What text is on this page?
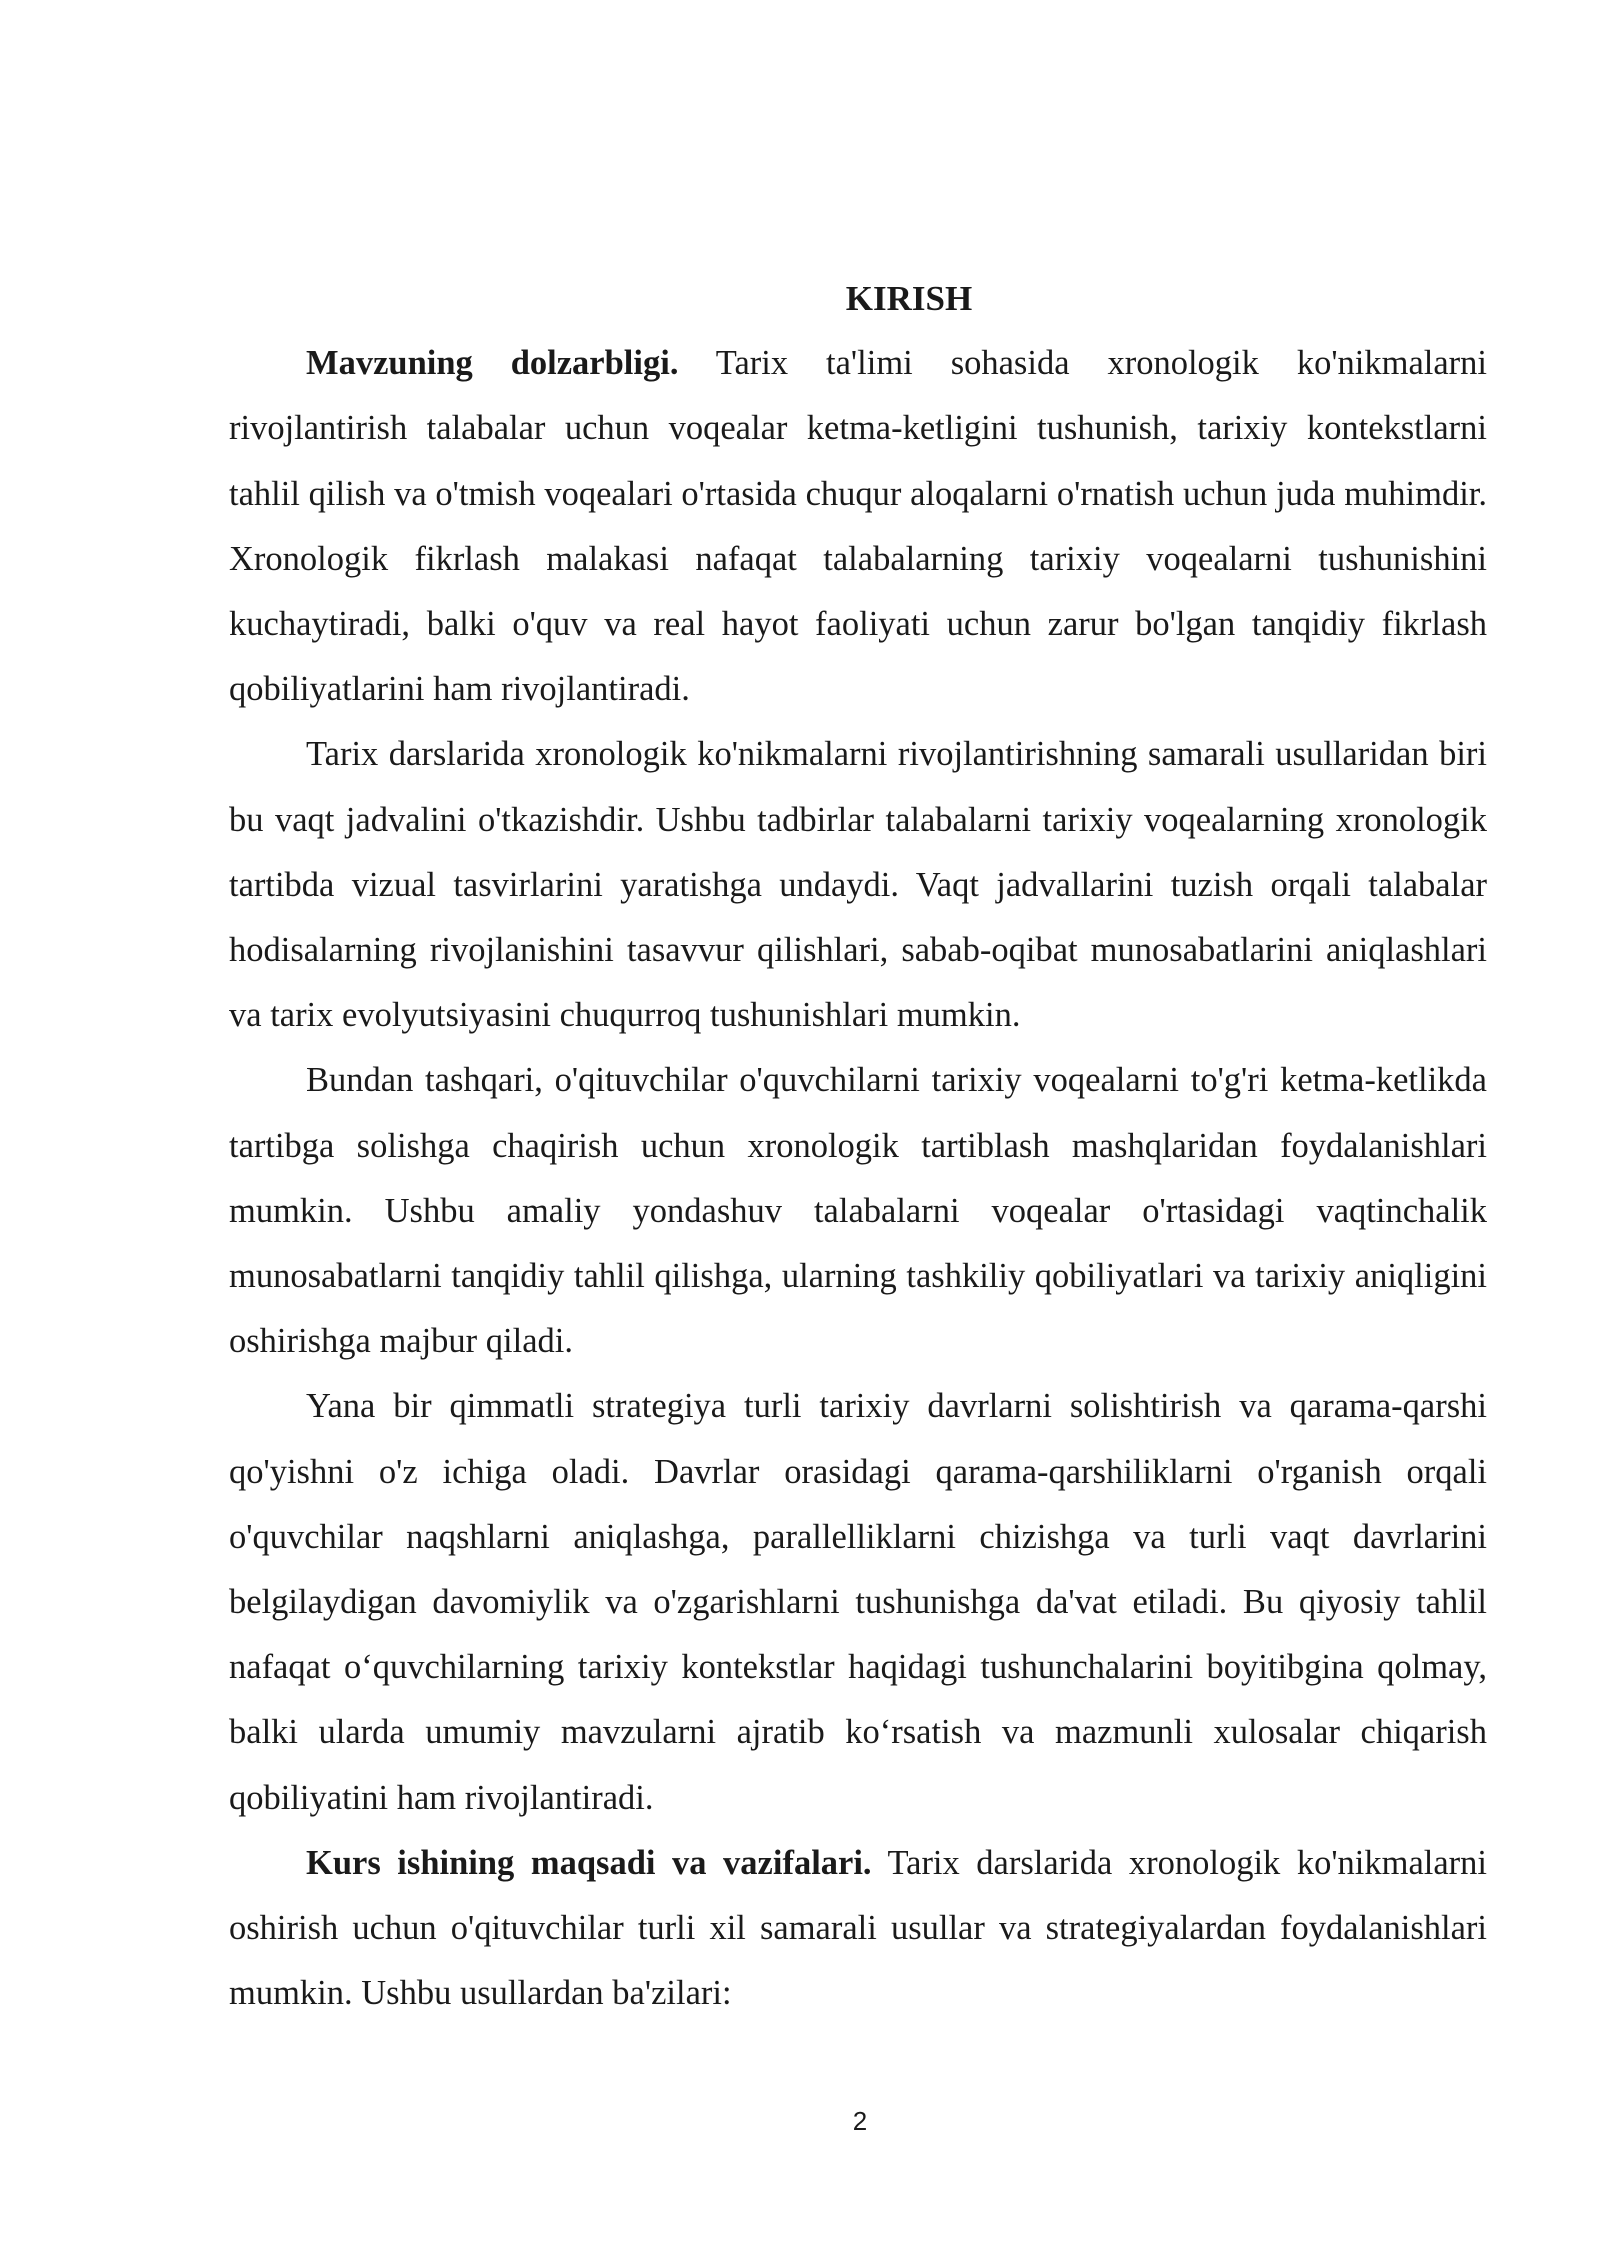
KIRISH

Mavzuning dolzarbligi. Tarix ta'limi sohasida xronologik ko'nikmalarni rivojlantirish talabalar uchun voqealar ketma-ketligini tushunish, tarixiy kontekstlarni tahlil qilish va o'tmish voqealari o'rtasida chuqur aloqalarni o'rnatish uchun juda muhimdir. Xronologik fikrlash malakasi nafaqat talabalarning tarixiy voqealarni tushunishini kuchaytiradi, balki o'quv va real hayot faoliyati uchun zarur bo'lgan tanqidiy fikrlash qobiliyatlarini ham rivojlantiradi.

Tarix darslarida xronologik ko'nikmalarni rivojlantirishning samarali usullaridan biri bu vaqt jadvalini o'tkazishdir. Ushbu tadbirlar talabalarni tarixiy voqealarning xronologik tartibda vizual tasvirlarini yaratishga undaydi. Vaqt jadvallarini tuzish orqali talabalar hodisalarning rivojlanishini tasavvur qilishlari, sabab-oqibat munosabatlarini aniqlashlari va tarix evolyutsiyasini chuqurroq tushunishlari mumkin.

Bundan tashqari, o'qituvchilar o'quvchilarni tarixiy voqealarni to'g'ri ketma-ketlikda tartibga solishga chaqirish uchun xronologik tartiblash mashqlaridan foydalanishlari mumkin. Ushbu amaliy yondashuv talabalarni voqealar o'rtasidagi vaqtinchalik munosabatlarni tanqidiy tahlil qilishga, ularning tashkiliy qobiliyatlari va tarixiy aniqligini oshirishga majbur qiladi.

Yana bir qimmatli strategiya turli tarixiy davrlarni solishtirish va qarama-qarshi qo'yishni o'z ichiga oladi. Davrlar orasidagi qarama-qarshiliklarni o'rganish orqali o'quvchilar naqshlarni aniqlashga, parallelliklarni chizishga va turli vaqt davrlarini belgilaydigan davomiylik va o'zgarishlarni tushunishga da'vat etiladi. Bu qiyosiy tahlil nafaqat o‘quvchilarning tarixiy kontekstlar haqidagi tushunchalarini boyitibgina qolmay, balki ularda umumiy mavzularni ajratib ko‘rsatish va mazmunli xulosalar chiqarish qobiliyatini ham rivojlantiradi.

Kurs ishining maqsadi va vazifalari. Tarix darslarida xronologik ko'nikmalarni oshirish uchun o'qituvchilar turli xil samarali usullar va strategiyalardan foydalanishlari mumkin. Ushbu usullardan ba'zilari:

2
